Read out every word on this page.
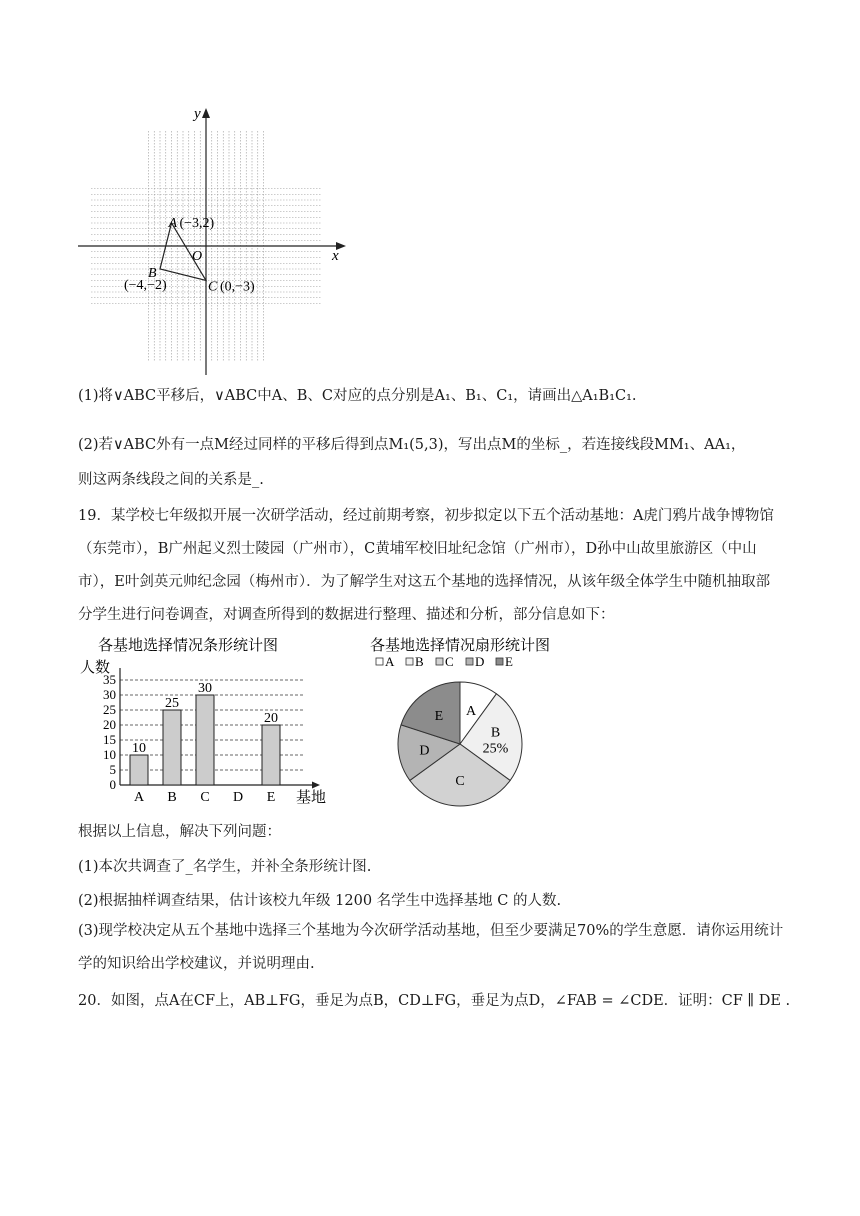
y
x
O
A (−3,2)
B
(−4,−2)	C (0,−3)
(1)将∨ABC平移后，∨ABC中A、B、C对应的点分别是A₁、B₁、C₁，请画出△A₁B₁C₁.
(2)若∨ABC外有一点M经过同样的平移后得到点M₁(5,3)，写出点M的坐标_，若连接线段MM₁、AA₁，
则这两条线段之间的关系是_.
19．某学校七年级拟开展一次研学活动，经过前期考察，初步拟定以下五个活动基地：A虎门鸦片战争博物馆（东莞市），B广州起义烈士陵园（广州市），C黄埔军校旧址纪念馆（广州市），D孙中山故里旅游区（中山市），E叶剑英元帅纪念园（梅州市）．为了解学生对这五个基地的选择情况，从该年级全体学生中随机抽取部分学生进行问卷调查，对调查所得到的数据进行整理、描述和分析，部分信息如下：
各基地选择情况条形统计图
人数
基地
0
5
10
15
20
25
30
35
A B C D E
10
25
30
20
各基地选择情况扇形统计图
A B C D E
A
B
25%
C
D
E
根据以上信息，解决下列问题：
(1)本次共调查了_名学生，并补全条形统计图.
(2)根据抽样调查结果，估计该校九年级 1200 名学生中选择基地 C 的人数.
(3)现学校决定从五个基地中选择三个基地为今次研学活动基地，但至少要满足70%的学生意愿．请你运用统计学的知识给出学校建议，并说明理由.
20．如图，点A在CF上，AB⊥FG，垂足为点B，CD⊥FG，垂足为点D，∠FAB = ∠CDE．证明：CF ∥ DE .
